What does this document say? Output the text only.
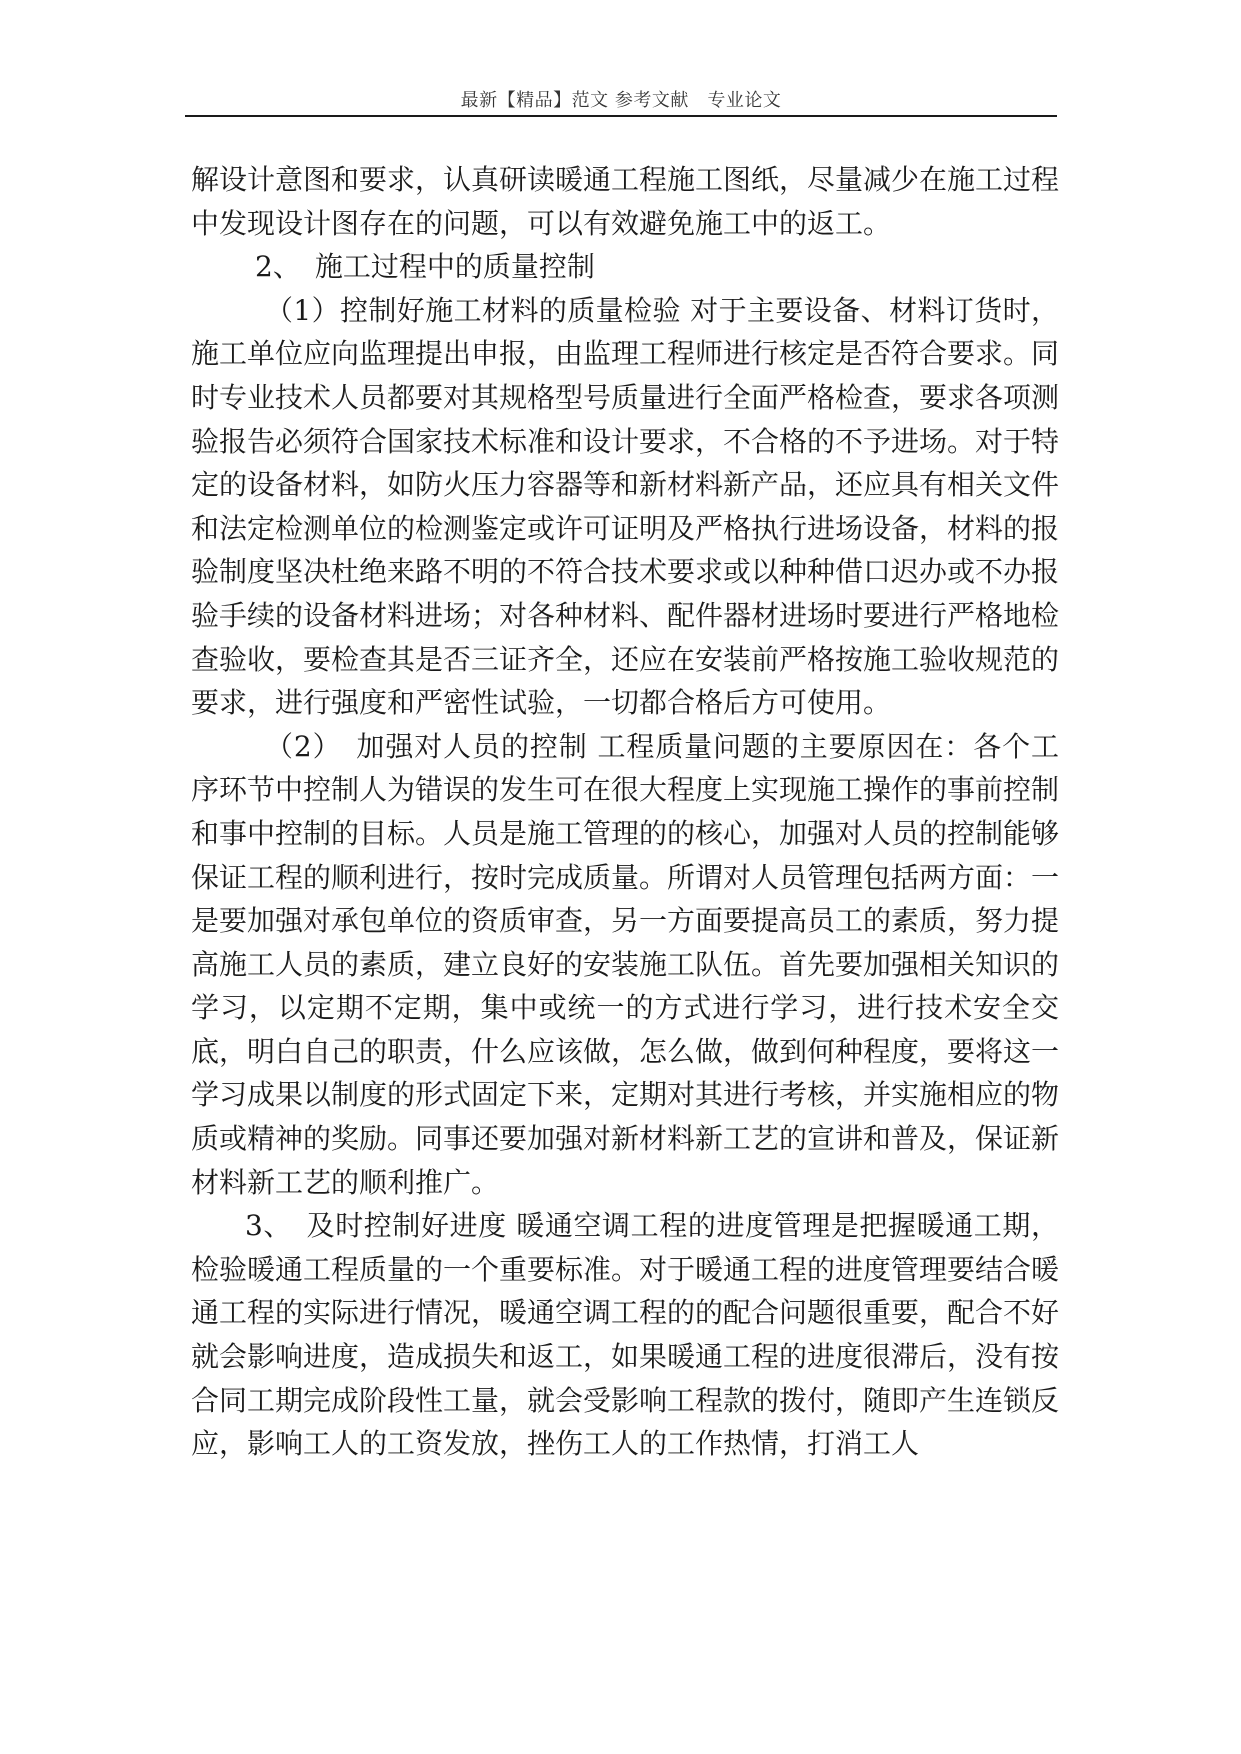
最新【精品】范文 参考文献　专业论文

解设计意图和要求，认真研读暖通工程施工图纸，尽量减少在施工过程中发现设计图存在的问题，可以有效避免施工中的返工。

2、　施工过程中的质量控制

（1）控制好施工材料的质量检验 对于主要设备、材料订货时，施工单位应向监理提出申报，由监理工程师进行核定是否符合要求。同时专业技术人员都要对其规格型号质量进行全面严格检查，要求各项测验报告必须符合国家技术标准和设计要求，不合格的不予进场。对于特定的设备材料，如防火压力容器等和新材料新产品，还应具有相关文件和法定检测单位的检测鉴定或许可证明及严格执行进场设备，材料的报验制度坚决杜绝来路不明的不符合技术要求或以种种借口迟办或不办报验手续的设备材料进场；对各种材料、配件器材进场时要进行严格地检查验收，要检查其是否三证齐全，还应在安装前严格按施工验收规范的要求，进行强度和严密性试验，一切都合格后方可使用。

（2）　加强对人员的控制 工程质量问题的主要原因在：各个工序环节中控制人为错误的发生可在很大程度上实现施工操作的事前控制和事中控制的目标。人员是施工管理的的核心，加强对人员的控制能够保证工程的顺利进行，按时完成质量。所谓对人员管理包括两方面：一是要加强对承包单位的资质审查，另一方面要提高员工的素质，努力提高施工人员的素质，建立良好的安装施工队伍。首先要加强相关知识的学习，以定期不定期，集中或统一的方式进行学习，进行技术安全交底，明白自己的职责，什么应该做，怎么做，做到何种程度，要将这一学习成果以制度的形式固定下来，定期对其进行考核，并实施相应的物质或精神的奖励。同事还要加强对新材料新工艺的宣讲和普及，保证新材料新工艺的顺利推广。

3、　及时控制好进度 暖通空调工程的进度管理是把握暖通工期，检验暖通工程质量的一个重要标准。对于暖通工程的进度管理要结合暖通工程的实际进行情况，暖通空调工程的的配合问题很重要，配合不好就会影响进度，造成损失和返工，如果暖通工程的进度很滞后，没有按合同工期完成阶段性工量，就会受影响工程款的拨付，随即产生连锁反应，影响工人的工资发放，挫伤工人的工作热情，打消工人
